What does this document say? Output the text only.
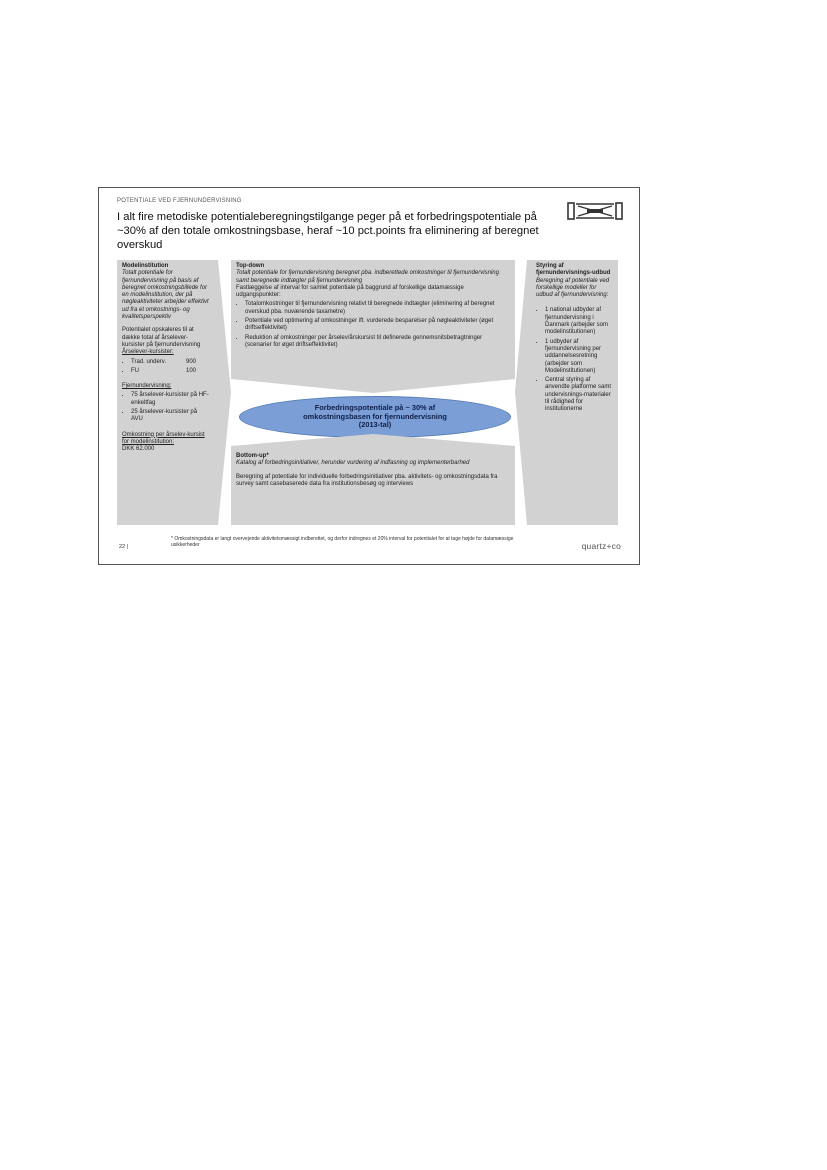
POTENTIALE VED FJERNUNDERVISNING
I alt fire metodiske potentialeberegningstilgange peger på et forbedringspotentiale på ~30% af den totale omkostningsbase, heraf ~10 pct.points fra eliminering af beregnet overskud
Modelinstitution
Totalt potentiale for fjernundervisning på basis af beregnet omkostningsbillede for en modelinstitution, der på nøgleaktiviteter arbejder effektivt ud fra et omkostnings- og kvalitetsperspektiv
Potentialet opskaleres til at dække total af årselever-kursister på fjernundervisning
Årselever-kursister:
• Trad. underv.	900
• FU	100
Fjernundervisning:
• 75 årselever-kursister på HF-enkeltfag
• 25 årselever-kursister på AVU
Omkostning per årselev-kursist for modelinstitution:
DKK 62.000
Top-down
Totalt potentiale for fjernundervisning beregnet pba. indberettede omkostninger til fjernundervisning samt beregnede indtægter på fjernundervisning
Fastlæggelse af interval for samlet potentiale på baggrund af forskellige datamæssige udgangspunkter:
• Totalomkostninger til fjernundervisning relativt til beregnede indtægter (eliminering af beregnet overskud pba. nuværende taxametre)
• Potentiale ved optimering af omkostninger ift. vurderede besparelser på nøgleaktiviteter (øget driftseffektivitet)
• Reduktion af omkostninger per årselev/årskursist til definerede gennemsnitsbetragtninger (scenarier for øget driftseffektivitet)
Forbedringspotentiale på ~ 30% af
omkostningsbasen for fjernundervisning
(2013-tal)
Bottom-up*
Katalog af forbedringsinitiativer, herunder vurdering af indfasning og implementerbarhed
Beregning af potentiale for individuelle forbedringsinitiativer pba. aktivitets- og omkostningsdata fra survey samt casebaserede data fra institutionsbesøg og interviews
Styring af fjernundervisnings-udbud
Beregning af potentiale ved forskellige modeller for udbud af fjernundervisning:
• 1 national udbyder af fjernundervisning i Danmark (arbejder som modelinstitutionen)
• 1 udbyder af fjernundervisning per uddannelsesretning (arbejder som Modelinstitutionen)
• Central styring af anvendte platforme samt undervisnings-materialer til rådighed for institutionerne
22 |
* Omkostningsdata er langt overvejende aktivitetsmæssigt indberettet, og derfor indregnes et 20% interval for potentialet for at tage højde for datamæssige usikkerheder	quartz+co
